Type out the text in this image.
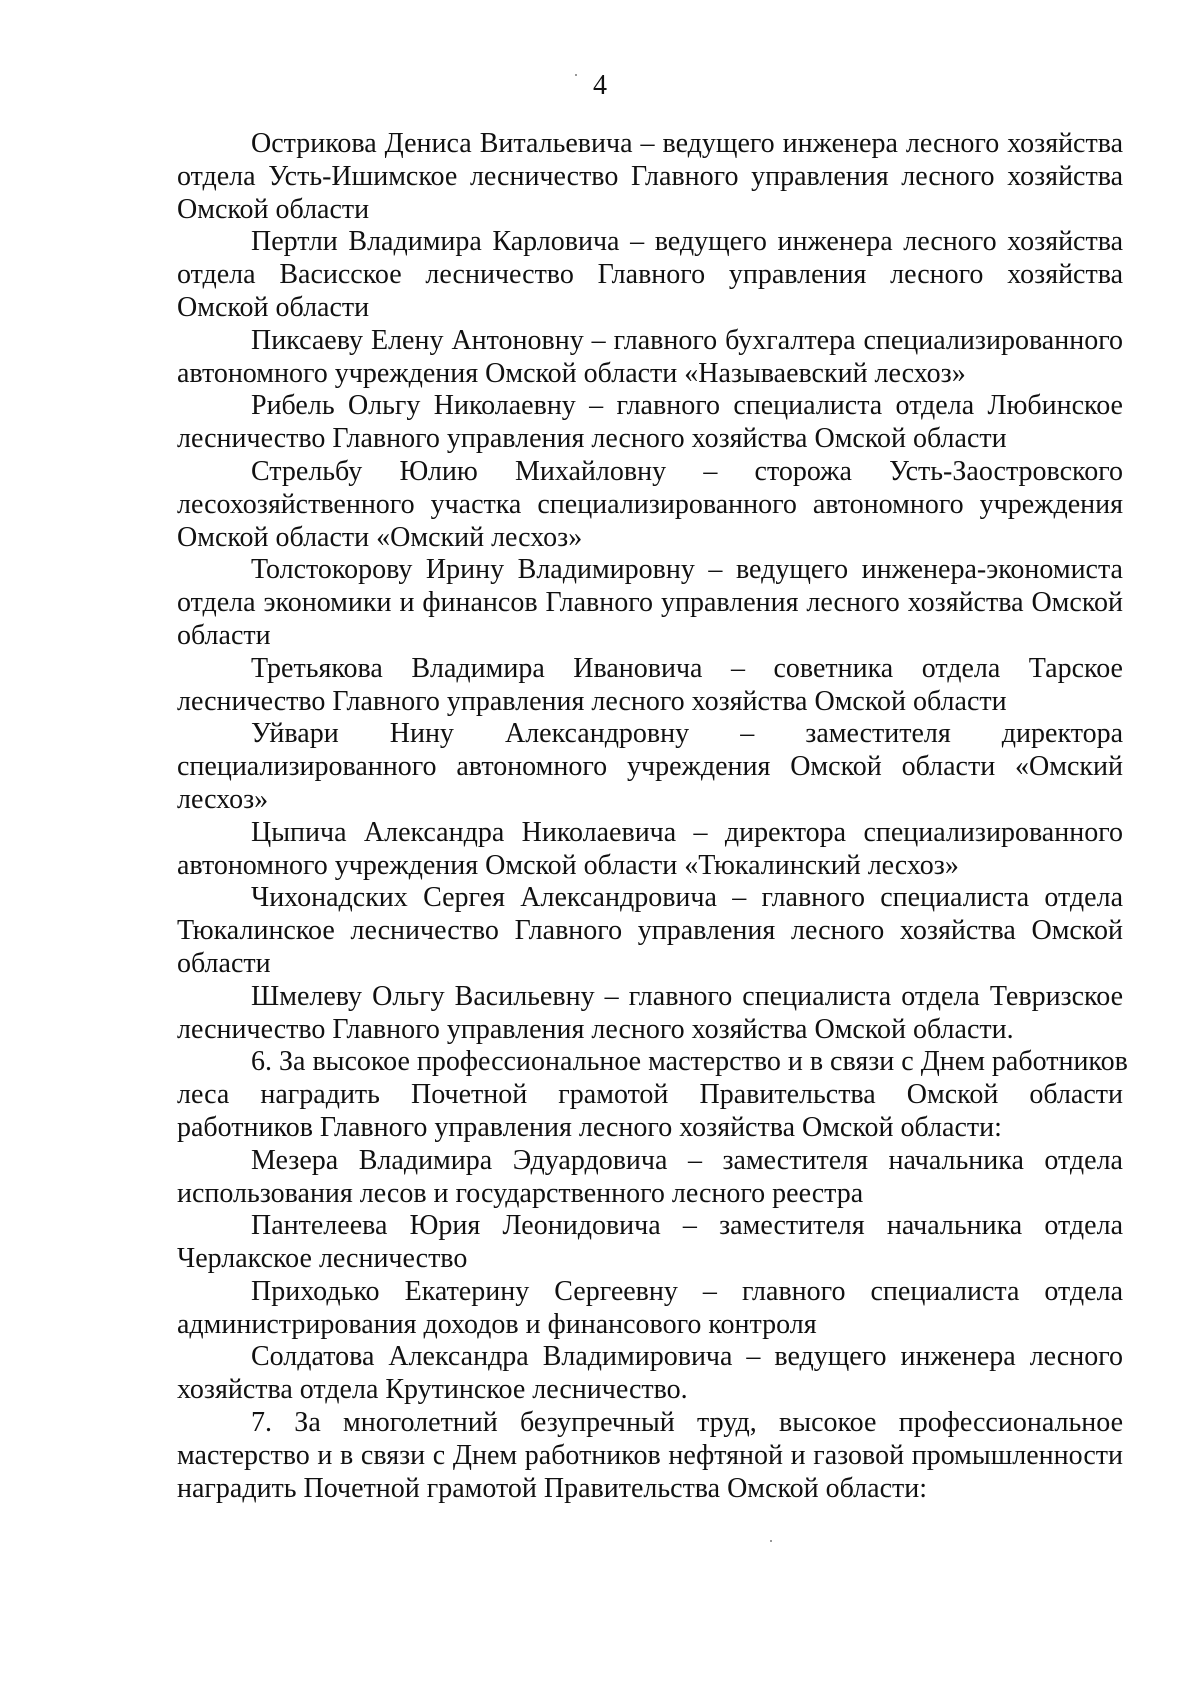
4

Острикова Дениса Витальевича – ведущего инженера лесного хозяйства
отдела Усть-Ишимское лесничество Главного управления лесного хозяйства
Омской области

Пертли Владимира Карловича – ведущего инженера лесного хозяйства
отдела Васисское лесничество Главного управления лесного хозяйства
Омской области

Пиксаеву Елену Антоновну – главного бухгалтера специализированного
автономного учреждения Омской области «Называевский лесхоз»

Рибель Ольгу Николаевну – главного специалиста отдела Любинское
лесничество Главного управления лесного хозяйства Омской области

Стрельбу Юлию Михайловну – сторожа Усть-Заостровского
лесохозяйственного участка специализированного автономного учреждения
Омской области «Омский лесхоз»

Толстокорову Ирину Владимировну – ведущего инженера-экономиста
отдела экономики и финансов Главного управления лесного хозяйства Омской
области

Третьякова Владимира Ивановича – советника отдела Тарское
лесничество Главного управления лесного хозяйства Омской области

Уйвари Нину Александровну – заместителя директора
специализированного автономного учреждения Омской области «Омский
лесхоз»

Цыпича Александра Николаевича – директора специализированного
автономного учреждения Омской области «Тюкалинский лесхоз»

Чихонадских Сергея Александровича – главного специалиста отдела
Тюкалинское лесничество Главного управления лесного хозяйства Омской
области

Шмелеву Ольгу Васильевну – главного специалиста отдела Тевризское
лесничество Главного управления лесного хозяйства Омской области.

6. За высокое профессиональное мастерство и в связи с Днем работников
леса наградить Почетной грамотой Правительства Омской области
работников Главного управления лесного хозяйства Омской области:

Мезера Владимира Эдуардовича – заместителя начальника отдела
использования лесов и государственного лесного реестра

Пантелеева Юрия Леонидовича – заместителя начальника отдела
Черлакское лесничество

Приходько Екатерину Сергеевну – главного специалиста отдела
администрирования доходов и финансового контроля

Солдатова Александра Владимировича – ведущего инженера лесного
хозяйства отдела Крутинское лесничество.

7. За многолетний безупречный труд, высокое профессиональное
мастерство и в связи с Днем работников нефтяной и газовой промышленности
наградить Почетной грамотой Правительства Омской области:
